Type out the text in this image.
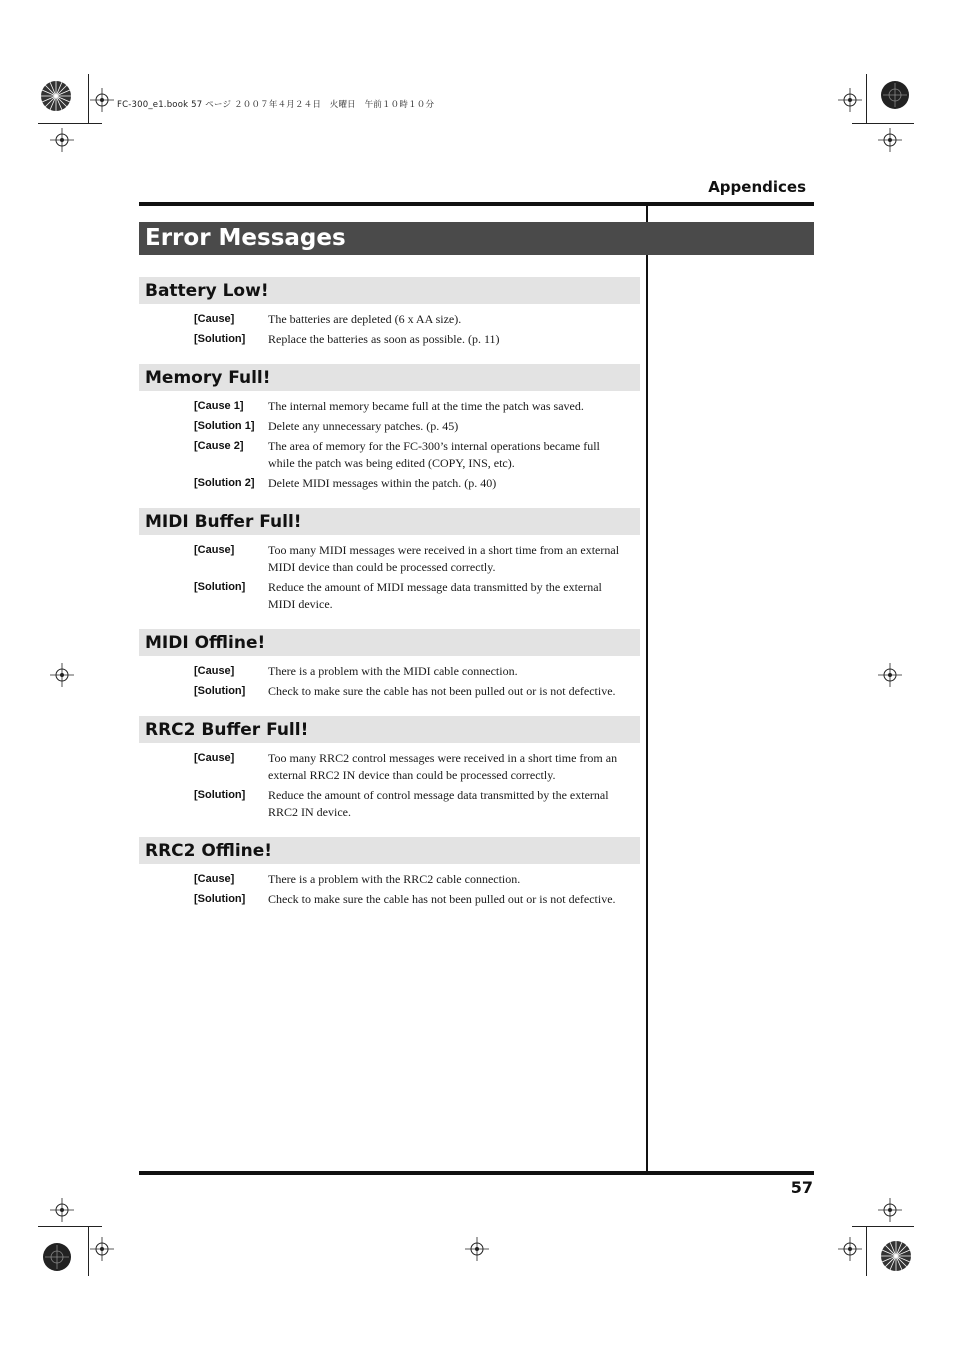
FC-300_e1.book 57 ページ ２００７年４月２４日　火曜日　午前１０時１０分
Appendices
Error Messages
Battery Low!
[Cause]	The batteries are depleted (6 x AA size).
[Solution]	Replace the batteries as soon as possible. (p. 11)
Memory Full!
[Cause 1]	The internal memory became full at the time the patch was saved.
[Solution 1]	Delete any unnecessary patches. (p. 45)
[Cause 2]	The area of memory for the FC-300’s internal operations became full while the patch was being edited (COPY, INS, etc).
[Solution 2]	Delete MIDI messages within the patch. (p. 40)
MIDI Buffer Full!
[Cause]	Too many MIDI messages were received in a short time from an external MIDI device than could be processed correctly.
[Solution]	Reduce the amount of MIDI message data transmitted by the external MIDI device.
MIDI Offline!
[Cause]	There is a problem with the MIDI cable connection.
[Solution]	Check to make sure the cable has not been pulled out or is not defective.
RRC2 Buffer Full!
[Cause]	Too many RRC2 control messages were received in a short time from an external RRC2 IN device than could be processed correctly.
[Solution]	Reduce the amount of control message data transmitted by the external RRC2 IN device.
RRC2 Offline!
[Cause]	There is a problem with the RRC2 cable connection.
[Solution]	Check to make sure the cable has not been pulled out or is not defective.
57
